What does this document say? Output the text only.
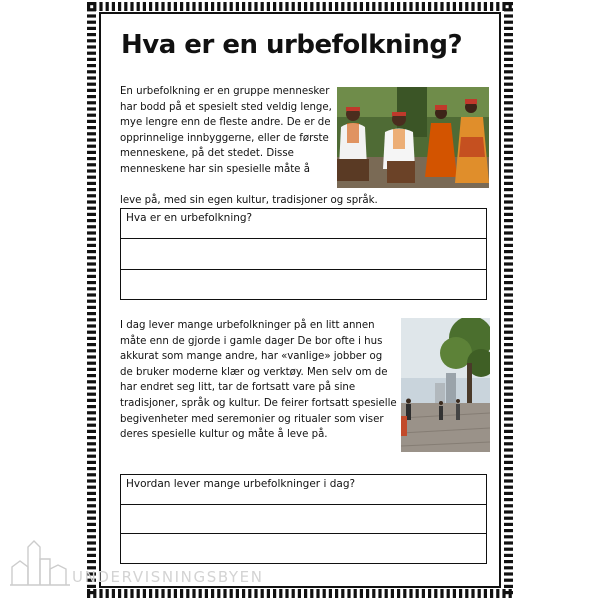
Hva er en urbefolkning?

En urbefolkning er en gruppe mennesker har bodd på et spesielt sted veldig lenge, mye lengre enn de fleste andre. De er de opprinnelige innbyggerne, eller de første menneskene, på det stedet. Disse menneskene har sin spesielle måte å

leve på, med sin egen kultur, tradisjoner og språk.

Hva er en urbefolkning?

I dag lever mange urbefolkninger på en litt annen måte enn de gjorde i gamle dager De bor ofte i hus akkurat som mange andre, har «vanlige» jobber og de bruker moderne klær og verktøy. Men selv om de har endret seg litt, tar de fortsatt vare på sine tradisjoner, språk og kultur. De feirer fortsatt spesielle begivenheter med seremonier og ritualer som viser deres spesielle kultur og måte å leve på.

Hvordan lever mange urbefolkninger i dag?

UNDERVISNINGSBYEN
